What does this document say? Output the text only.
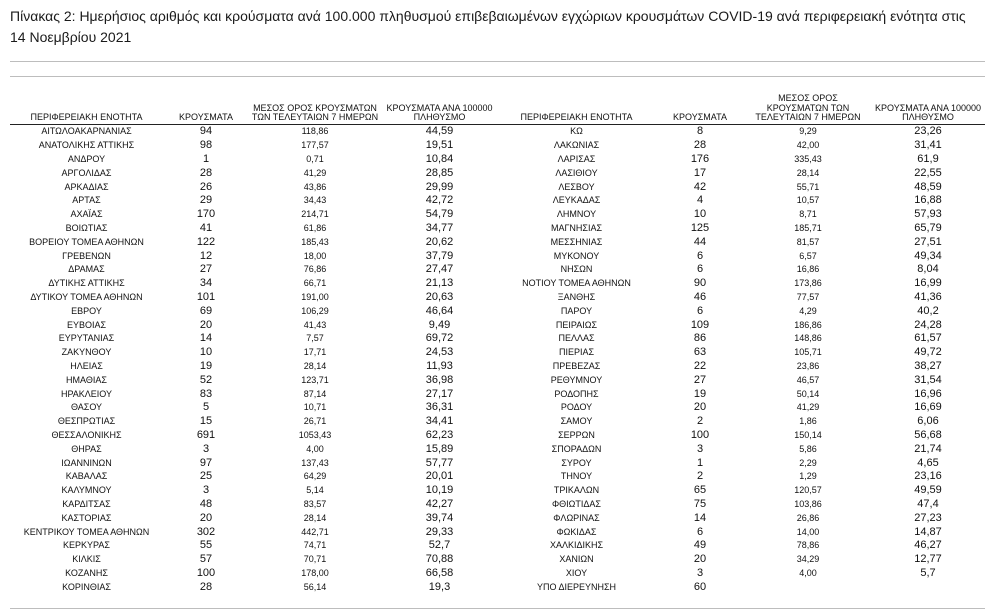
Πίνακας 2: Ημερήσιος αριθμός και κρούσματα ανά 100.000 πληθυσμού επιβεβαιωμένων εγχώριων κρουσμάτων COVID-19 ανά περιφερειακή ενότητα στις 14 Νοεμβρίου 2021
ΠΕΡΙΦΕΡΕΙΑΚΗ ΕΝΟΤΗΤΑ	ΚΡΟΥΣΜΑΤΑ	ΜΕΣΟΣ ΟΡΟΣ ΚΡΟΥΣΜΑΤΩΝ ΤΩΝ ΤΕΛΕΥΤΑΙΩΝ 7 ΗΜΕΡΩΝ	ΚΡΟΥΣΜΑΤΑ ΑΝΑ 100000 ΠΛΗΘΥΣΜΟ	ΠΕΡΙΦΕΡΕΙΑΚΗ ΕΝΟΤΗΤΑ	ΚΡΟΥΣΜΑΤΑ	ΜΕΣΟΣ ΟΡΟΣ ΚΡΟΥΣΜΑΤΩΝ ΤΩΝ ΤΕΛΕΥΤΑΙΩΝ 7 ΗΜΕΡΩΝ	ΚΡΟΥΣΜΑΤΑ ΑΝΑ 100000 ΠΛΗΘΥΣΜΟ
ΑΙΤΩΛΟΑΚΑΡΝΑΝΙΑΣ	94	118,86	44,59	ΚΩ	8	9,29	23,26
ΑΝΑΤΟΛΙΚΗΣ ΑΤΤΙΚΗΣ	98	177,57	19,51	ΛΑΚΩΝΙΑΣ	28	42,00	31,41
ΑΝΔΡΟΥ	1	0,71	10,84	ΛΑΡΙΣΑΣ	176	335,43	61,9
ΑΡΓΟΛΙΔΑΣ	28	41,29	28,85	ΛΑΣΙΘΙΟΥ	17	28,14	22,55
ΑΡΚΑΔΙΑΣ	26	43,86	29,99	ΛΕΣΒΟΥ	42	55,71	48,59
ΑΡΤΑΣ	29	34,43	42,72	ΛΕΥΚΑΔΑΣ	4	10,57	16,88
ΑΧΑΪΑΣ	170	214,71	54,79	ΛΗΜΝΟΥ	10	8,71	57,93
ΒΟΙΩΤΙΑΣ	41	61,86	34,77	ΜΑΓΝΗΣΙΑΣ	125	185,71	65,79
ΒΟΡΕΙΟΥ ΤΟΜΕΑ ΑΘΗΝΩΝ	122	185,43	20,62	ΜΕΣΣΗΝΙΑΣ	44	81,57	27,51
ΓΡΕΒΕΝΩΝ	12	18,00	37,79	ΜΥΚΟΝΟΥ	6	6,57	49,34
ΔΡΑΜΑΣ	27	76,86	27,47	ΝΗΣΩΝ	6	16,86	8,04
ΔΥΤΙΚΗΣ ΑΤΤΙΚΗΣ	34	66,71	21,13	ΝΟΤΙΟΥ ΤΟΜΕΑ ΑΘΗΝΩΝ	90	173,86	16,99
ΔΥΤΙΚΟΥ ΤΟΜΕΑ ΑΘΗΝΩΝ	101	191,00	20,63	ΞΑΝΘΗΣ	46	77,57	41,36
ΕΒΡΟΥ	69	106,29	46,64	ΠΑΡΟΥ	6	4,29	40,2
ΕΥΒΟΙΑΣ	20	41,43	9,49	ΠΕΙΡΑΙΩΣ	109	186,86	24,28
ΕΥΡΥΤΑΝΙΑΣ	14	7,57	69,72	ΠΕΛΛΑΣ	86	148,86	61,57
ΖΑΚΥΝΘΟΥ	10	17,71	24,53	ΠΙΕΡΙΑΣ	63	105,71	49,72
ΗΛΕΙΑΣ	19	28,14	11,93	ΠΡΕΒΕΖΑΣ	22	23,86	38,27
ΗΜΑΘΙΑΣ	52	123,71	36,98	ΡΕΘΥΜΝΟΥ	27	46,57	31,54
ΗΡΑΚΛΕΙΟΥ	83	87,14	27,17	ΡΟΔΟΠΗΣ	19	50,14	16,96
ΘΑΣΟΥ	5	10,71	36,31	ΡΟΔΟΥ	20	41,29	16,69
ΘΕΣΠΡΩΤΙΑΣ	15	26,71	34,41	ΣΑΜΟΥ	2	1,86	6,06
ΘΕΣΣΑΛΟΝΙΚΗΣ	691	1053,43	62,23	ΣΕΡΡΩΝ	100	150,14	56,68
ΘΗΡΑΣ	3	4,00	15,89	ΣΠΟΡΑΔΩΝ	3	5,86	21,74
ΙΩΑΝΝΙΝΩΝ	97	137,43	57,77	ΣΥΡΟΥ	1	2,29	4,65
ΚΑΒΑΛΑΣ	25	64,29	20,01	ΤΗΝΟΥ	2	1,29	23,16
ΚΑΛΥΜΝΟΥ	3	5,14	10,19	ΤΡΙΚΑΛΩΝ	65	120,57	49,59
ΚΑΡΔΙΤΣΑΣ	48	83,57	42,27	ΦΘΙΩΤΙΔΑΣ	75	103,86	47,4
ΚΑΣΤΟΡΙΑΣ	20	28,14	39,74	ΦΛΩΡΙΝΑΣ	14	26,86	27,23
ΚΕΝΤΡΙΚΟΥ ΤΟΜΕΑ ΑΘΗΝΩΝ	302	442,71	29,33	ΦΩΚΙΔΑΣ	6	14,00	14,87
ΚΕΡΚΥΡΑΣ	55	74,71	52,7	ΧΑΛΚΙΔΙΚΗΣ	49	78,86	46,27
ΚΙΛΚΙΣ	57	70,71	70,88	ΧΑΝΙΩΝ	20	34,29	12,77
ΚΟΖΑΝΗΣ	100	178,00	66,58	ΧΙΟΥ	3	4,00	5,7
ΚΟΡΙΝΘΙΑΣ	28	56,14	19,3	ΥΠΟ ΔΙΕΡΕΥΝΗΣΗ	60		
